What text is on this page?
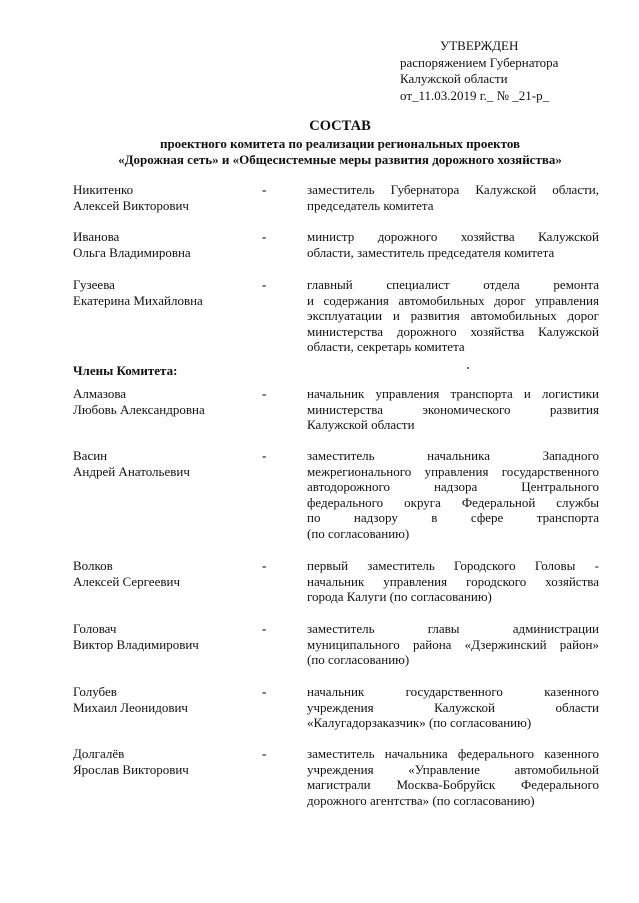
УТВЕРЖДЕН
распоряжением Губернатора
Калужской области
от_11.03.2019 г._ № _21-р_
СОСТАВ
проектного комитета по реализации региональных проектов
«Дорожная сеть» и «Общесистемные меры развития дорожного хозяйства»
Никитенко
Алексей Викторович
-	заместитель Губернатора Калужской области,
председатель комитета
Иванова
Ольга Владимировна
-	министр дорожного хозяйства Калужской
области, заместитель председателя комитета
Гузеева
Екатерина Михайловна
-	главный специалист отдела ремонта
и содержания автомобильных дорог управления
эксплуатации и развития автомобильных дорог
министерства дорожного хозяйства Калужской
области, секретарь комитета
Члены Комитета:
Алмазова
Любовь Александровна
-	начальник управления транспорта и логистики
министерства экономического развития
Калужской области
Васин
Андрей Анатольевич
-	заместитель начальника Западного
межрегионального управления государственного
автодорожного надзора Центрального
федерального округа Федеральной службы
по надзору в сфере транспорта
(по согласованию)
Волков
Алексей Сергеевич
-	первый заместитель Городского Головы -
начальник управления городского хозяйства
города Калуги (по согласованию)
Головач
Виктор Владимирович
-	заместитель главы администрации
муниципального района «Дзержинский район»
(по согласованию)
Голубев
Михаил Леонидович
-	начальник государственного казенного
учреждения Калужской области
«Калугадорзаказчик» (по согласованию)
Долгалёв
Ярослав Викторович
-	заместитель начальника федерального казенного
учреждения «Управление автомобильной
магистрали Москва-Бобруйск Федерального
дорожного агентства» (по согласованию)
